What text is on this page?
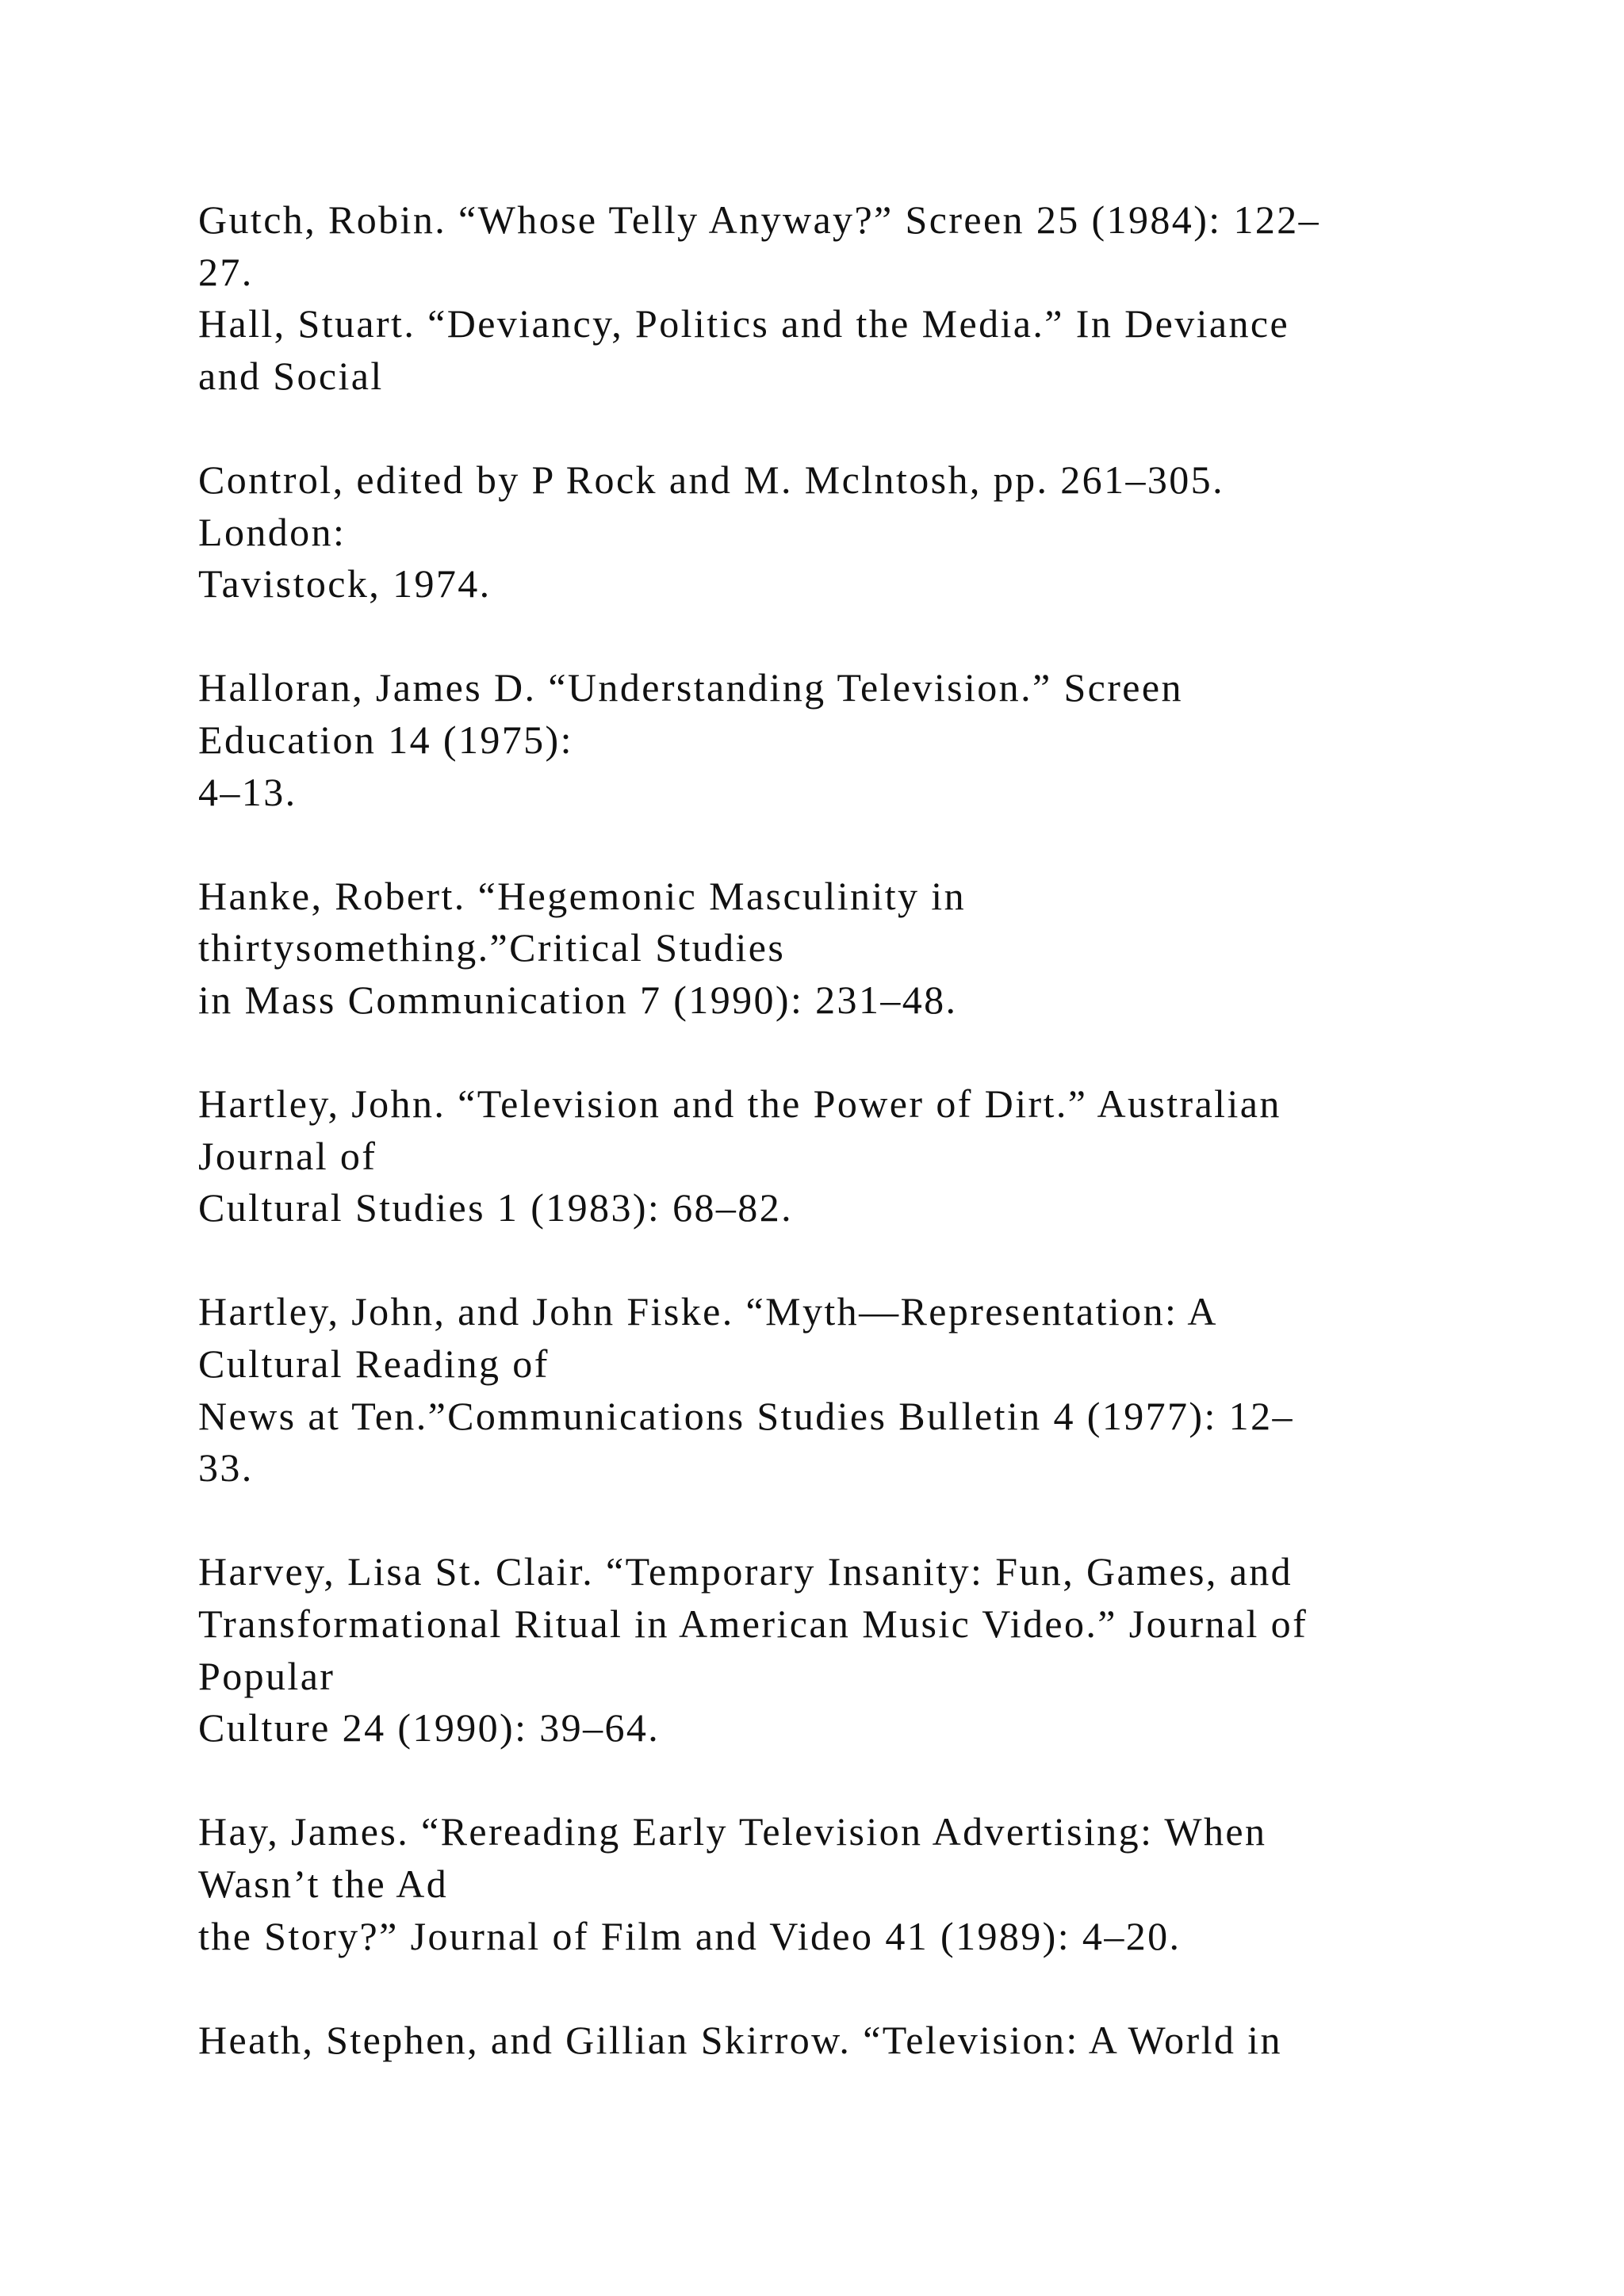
Gutch, Robin. “Whose Telly Anyway?” Screen 25 (1984): 122–
27.
Hall, Stuart. “Deviancy, Politics and the Media.” In Deviance
and Social
Control, edited by P Rock and M. Mclntosh, pp. 261–305.
London:
Tavistock, 1974.
Halloran, James D. “Understanding Television.” Screen
Education 14 (1975):
4–13.
Hanke, Robert. “Hegemonic Masculinity in
thirtysomething.”Critical Studies
in Mass Communication 7 (1990): 231–48.
Hartley, John. “Television and the Power of Dirt.” Australian
Journal of
Cultural Studies 1 (1983): 68–82.
Hartley, John, and John Fiske. “Myth—Representation: A
Cultural Reading of
News at Ten.”Communications Studies Bulletin 4 (1977): 12–
33.
Harvey, Lisa St. Clair. “Temporary Insanity: Fun, Games, and
Transformational Ritual in American Music Video.” Journal of
Popular
Culture 24 (1990): 39–64.
Hay, James. “Rereading Early Television Advertising: When
Wasn’t the Ad
the Story?” Journal of Film and Video 41 (1989): 4–20.
Heath, Stephen, and Gillian Skirrow. “Television: A World in
